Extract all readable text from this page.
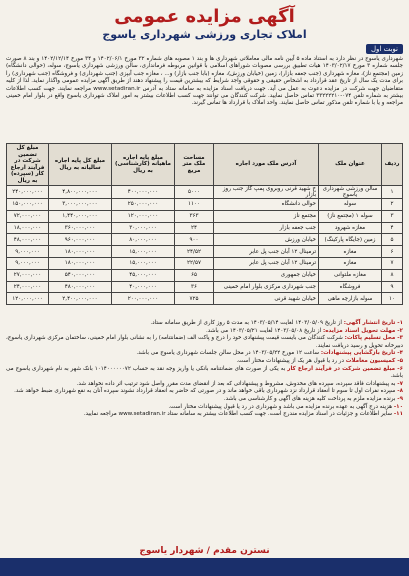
آگهی مزایده عمومی
املاک تجاری ورزشی شهرداری یاسوج
نوبت اول
شهرداری یاسوج در نظر دارد به استناد ماده ۵ آیین نامه مالی معاملاتی شهرداری ها و بند ۱ مصوبه های شماره ۳۲ مورخ ۱۴۰۲/۰۶/۱ و ۳۴ مورخ ۱۴۰۲/۱۲/۱۴ و بند ۸ صورت جلسه شماره ۳ مورخ ۱۴۰۳/۰۲/۱۷ هیات تطبیق بررسی مصوبات شوراهای اسلامی با قوانین مربوطه فرمانداری، سالن ورزشی شهرداری یاسوج، سوله، (حوالی دانشگاه) زمین (مجتمع ناز)، مغازه شهرداری (جنب جعفه بازار)، زمین (خیابان ورزش)، مغازه (بابا جنب بازار) و... ، مغازه جنب آبپزی (جنب شهرداری) و فروشگاه (جنب شهرداری) را برای مدت یک سال از تاریخ عقد قرارداد به اشخاص حقیقی و حقوقی واجد شرایط که بیشترین قیمت را پیشنهاد دهند از طریق آگهی مزایده عمومی واگذار نماید. لذا از کلیه متقاضیان جهت شرکت در مزایده دعوت به عمل می آید. جهت دریافت اسناد مزایده به سامانه ستاد به آدرس www.setadiran.ir مراجعه نمایند. جهت کسب اطلاعات بیشتر به شماره تلفن ۰۷۴-۳۳۲۲۲۲۱۰ تماس حاصل نمایید. شرکت کنندگان می توانند جهت کسب اطلاعات بیشتر به امور املاک شهرداری یاسوج واقع در بلوار امام خمینی مراجعه و یا با شماره تلفن مذکور تماس حاصل نمایند. واحد املاک با قرارداد ها تماس گیرند.
ردیف	عنوان ملک	آدرس ملک مورد اجاره	مساحت ملک متر مربع	مبلغ پایه اجاره ماهیانه (کارشناسی) به ریال	مبلغ کل پایه اجاره سالیانه به ریال	مبلغ کل تضمین شرکت در فرآیند ارجاع کار (سپرده) به ریال
۱	سالن ورزشی شهرداری یاسوج	خ شهید قرنی روبروی پمپ گاز جنب روز بازار	۵۰۰۰	۴۰۰,۰۰۰,۰۰۰	۴,۸۰۰,۰۰۰,۰۰۰	۲۴۰,۰۰۰,۰۰۰
۲	سوله	حوالی دانشگاه	۱۱۰۰	۲۵۰,۰۰۰,۰۰۰	۳,۰۰۰,۰۰۰,۰۰۰	۱۵۰,۰۰۰,۰۰۰
۳	سوله ۱ (مجتمع ناز)	مجتمع ناز	۳۶۳	۱۲۰,۰۰۰,۰۰۰	۱,۴۴۰,۰۰۰,۰۰۰	۷۲,۰۰۰,۰۰۰
۴	مغازه شهرود	جنب جعفه بازار	۲۴	۳۰,۰۰۰,۰۰۰	۳۶۰,۰۰۰,۰۰۰	۱۸,۰۰۰,۰۰۰
۵	زمین (جایگاه پارکینگ)	خیابان ورزش	۹۰۰	۸۰,۰۰۰,۰۰۰	۹۶۰,۰۰۰,۰۰۰	۴۸,۰۰۰,۰۰۰
۶	مغازه	ترمینال ۱۲ آبان جنب پل عابر	۲۴/۵۲	۱۵,۰۰۰,۰۰۰	۱۸۰,۰۰۰,۰۰۰	۹,۰۰۰,۰۰۰
۷	مغازه	ترمینال ۱۲ آبان جنب پل عابر	۲۲/۵۷	۱۵,۰۰۰,۰۰۰	۱۸۰,۰۰۰,۰۰۰	۹,۰۰۰,۰۰۰
۸	مغازه ملتوانی	خیابان جمهوری	۶۵	۴۵,۰۰۰,۰۰۰	۵۴۰,۰۰۰,۰۰۰	۲۷,۰۰۰,۰۰۰
۹	فروشگاه	جنب شهرداری مرکزی بلوار امام خمینی	۳۶	۴۰,۰۰۰,۰۰۰	۴۸۰,۰۰۰,۰۰۰	۲۴,۰۰۰,۰۰۰
۱۰	سوله بازارچه ماهی	خیابان شهید قرنی	۷۲۵	۲۰۰,۰۰۰,۰۰۰	۲,۴۰۰,۰۰۰,۰۰۰	۱۲۰,۰۰۰,۰۰۰

۱- تاریخ انتشار آگهی: از تاریخ ۱۴۰۳/۰۵/۰۹ لغایت ۱۴۰۳/۰۵/۱۴ به مدت ۵ روز کاری از طریق سامانه ستاد.

۲- مهلت تحویل اسناد مزایده: از تاریخ ۱۴۰۳/۰۵/۰۸ لغایت ۱۴۰۳/۰۵/۲۱ می باشد.

۳- محل تسلیم پاکات: شرکت کنندگان می بایست قیمت پیشنهادی خود را درج و پاکت الف (ضمانتنامه) را به نشانی بلوار امام خمینی، ساختمان مرکزی شهرداری یاسوج، دبیرخانه تحویل و رسید دریافت نمایند.

۴- تاریخ بازگشایی پیشنهادات: ساعت ۱۲ مورخ ۱۴۰۳/۰۵/۲۲ در محل سالن جلسات شهرداری یاسوج می باشد.

۵- کمیسیون معاملات در رد یا قبول هر یک از پیشنهادات مختار است.

۶- مبلغ تضمین شرکت در فرآیند ارجاع کار به یکی از صورت های ضمانتنامه بانکی یا واریز وجه نقد به حساب ۱۰۱۴۰۰۰۰۰۰۷۲ بانک شهر به نام شهرداری یاسوج می باشد.

۷- به پیشنهادات فاقد سپرده، سپرده های مخدوش، مشروط و پیشنهاداتی که بعد از انقضای مدت مقرر واصل شود ترتیب اثر داده نخواهد شد.

۸- سپرده نفرات اول تا سوم تا انعقاد قرارداد نزد شهرداری باقی خواهد ماند و در صورتی که حاضر به انعقاد قرارداد نشوند سپرده آنان به نفع شهرداری ضبط خواهد شد.

۹- برنده مزایده ملزم به پرداخت کلیه هزینه های آگهی و کارشناسی می باشد.

۱۰- هزینه درج آگهی به عهده برنده مزایده می باشد و شهرداری در رد یا قبول پیشنهادات مختار است.

۱۱- سایر اطلاعات و جزئیات در اسناد مزایده مندرج است. جهت کسب اطلاعات بیشتر به سامانه ستاد www.setadiran.ir مراجعه نمایید.

نسترن مقدم / شهردار یاسوج
